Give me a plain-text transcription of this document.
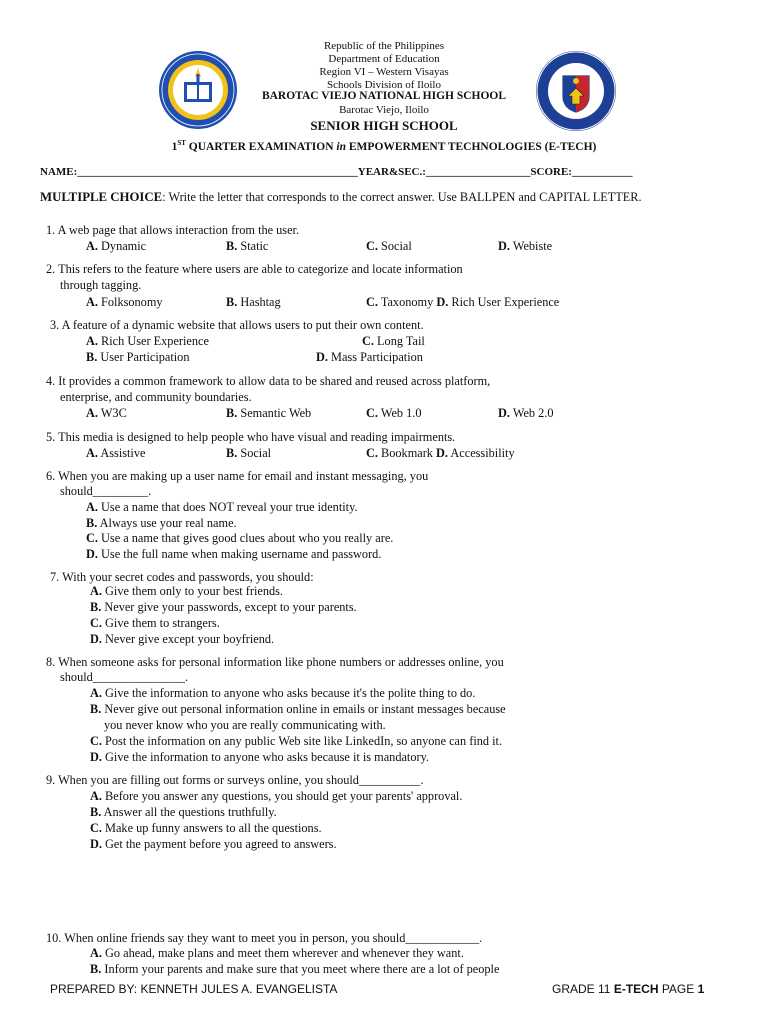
Republic of the Philippines
Department of Education
Region VI – Western Visayas
Schools Division of Iloilo
BAROTAC VIEJO NATIONAL HIGH SCHOOL
Barotac Viejo, Iloilo
SENIOR HIGH SCHOOL
1ST QUARTER EXAMINATION in EMPOWERMENT TECHNOLOGIES (E-TECH)
NAME:___________________________________________________YEAR&SEC.:___________________SCORE:___________
MULTIPLE CHOICE: Write the letter that corresponds to the correct answer. Use BALLPEN and CAPITAL LETTER.
1. A web page that allows interaction from the user.
A. Dynamic	B. Static	C. Social	D. Webiste
2. This refers to the feature where users are able to categorize and locate information
through tagging.
A. Folksonomy	B. Hashtag	C. Taxonomy D. Rich User Experience
3. A feature of a dynamic website that allows users to put their own content.
A. Rich User Experience	C. Long Tail
B. User Participation	D. Mass Participation
4. It provides a common framework to allow data to be shared and reused across platform,
enterprise, and community boundaries.
A. W3C	B. Semantic Web	C. Web 1.0	D. Web 2.0
5. This media is designed to help people who have visual and reading impairments.
A. Assistive	B. Social	C. Bookmark D. Accessibility
6. When you are making up a user name for email and instant messaging, you
should_________.
A. Use a name that does NOT reveal your true identity.
B. Always use your real name.
C. Use a name that gives good clues about who you really are.
D. Use the full name when making username and password.
7. With your secret codes and passwords, you should:
A. Give them only to your best friends.
B. Never give your passwords, except to your parents.
C. Give them to strangers.
D. Never give except your boyfriend.
8. When someone asks for personal information like phone numbers or addresses online, you
should_______________.
A. Give the information to anyone who asks because it's the polite thing to do.
B. Never give out personal information online in emails or instant messages because
you never know who you are really communicating with.
C. Post the information on any public Web site like LinkedIn, so anyone can find it.
D. Give the information to anyone who asks because it is mandatory.
9. When you are filling out forms or surveys online, you should__________.
A. Before you answer any questions, you should get your parents' approval.
B. Answer all the questions truthfully.
C. Make up funny answers to all the questions.
D. Get the payment before you agreed to answers.
10. When online friends say they want to meet you in person, you should____________.
A. Go ahead, make plans and meet them wherever and whenever they want.
B. Inform your parents and make sure that you meet where there are a lot of people
PREPARED BY: KENNETH JULES A. EVANGELISTA	GRADE 11 E-TECH PAGE 1
